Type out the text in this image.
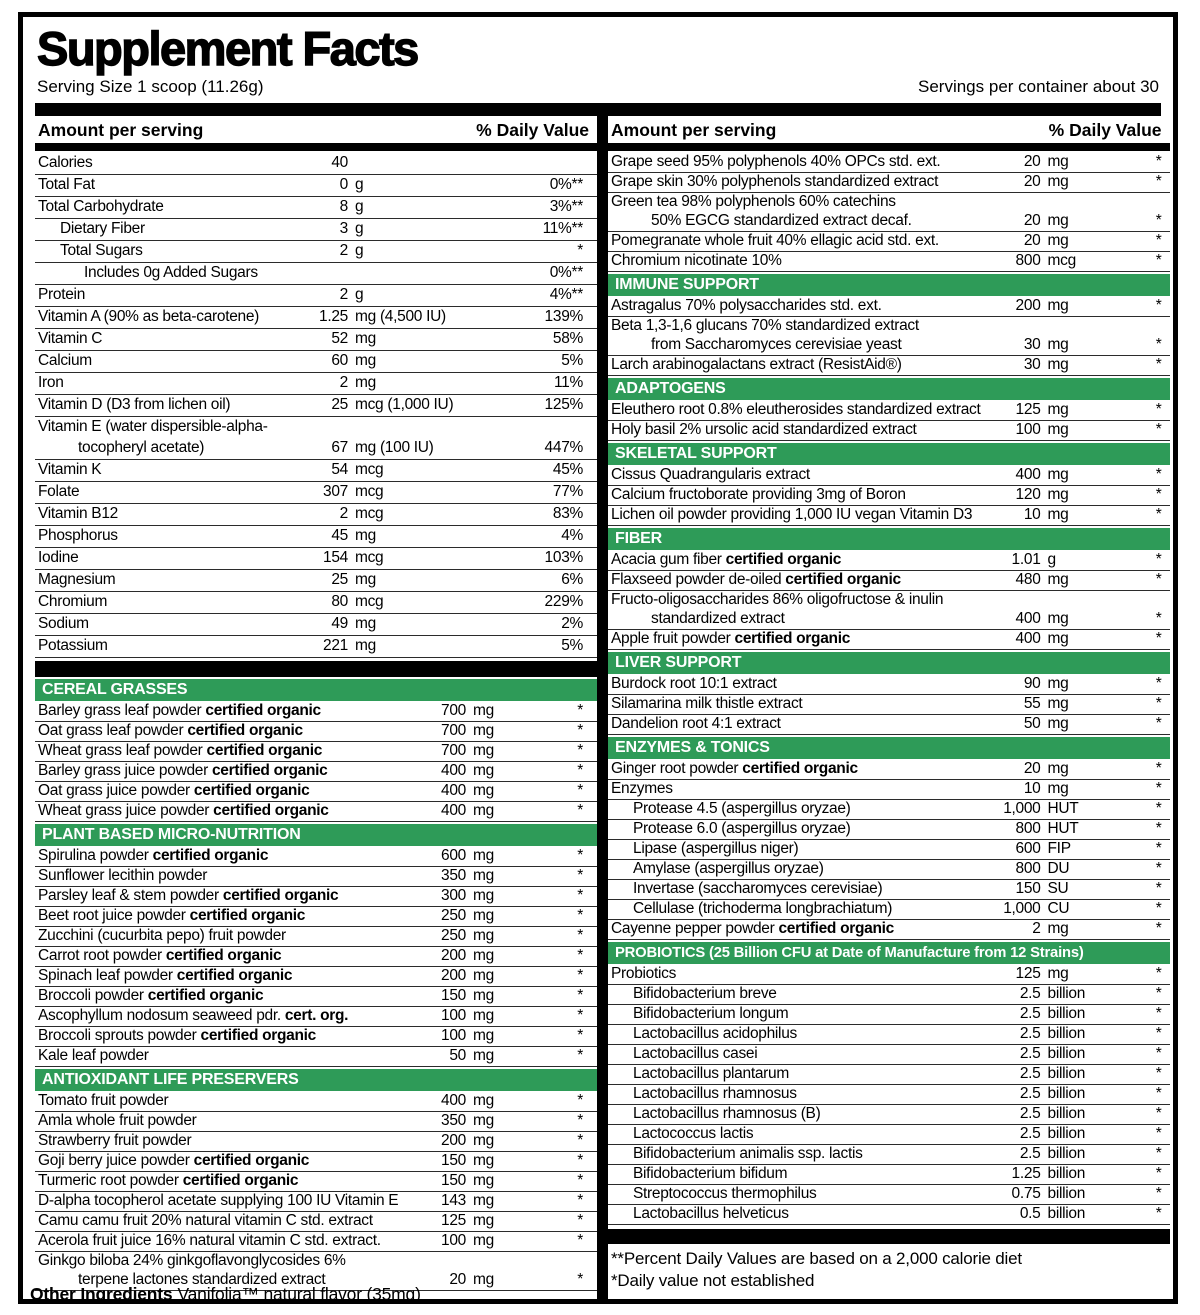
Supplement Facts
Serving Size 1 scoop (11.26g)	Servings per container about 30
Amount per serving	% Daily Value
Calories	40
Total Fat	0 g	0%**
Total Carbohydrate	8 g	3%**
Dietary Fiber	3 g	11%**
Total Sugars	2 g	*
Includes 0g Added Sugars	0%**
Protein	2 g	4%**
Vitamin A (90% as beta-carotene)	1.25 mg (4,500 IU)	139%
Vitamin C	52 mg	58%
Calcium	60 mg	5%
Iron	2 mg	11%
Vitamin D (D3 from lichen oil)	25 mcg (1,000 IU)	125%
Vitamin E (water dispersible-alpha-
tocopheryl acetate)	67 mg (100 IU)	447%
Vitamin K	54 mcg	45%
Folate	307 mcg	77%
Vitamin B12	2 mcg	83%
Phosphorus	45 mg	4%
Iodine	154 mcg	103%
Magnesium	25 mg	6%
Chromium	80 mcg	229%
Sodium	49 mg	2%
Potassium	221 mg	5%
CEREAL GRASSES
Barley grass leaf powder certified organic	700 mg	*
Oat grass leaf powder certified organic	700 mg	*
Wheat grass leaf powder certified organic	700 mg	*
Barley grass juice powder certified organic	400 mg	*
Oat grass juice powder certified organic	400 mg	*
Wheat grass juice powder certified organic	400 mg	*
PLANT BASED MICRO-NUTRITION
Spirulina powder certified organic	600 mg	*
Sunflower lecithin powder	350 mg	*
Parsley leaf & stem powder certified organic	300 mg	*
Beet root juice powder certified organic	250 mg	*
Zucchini (cucurbita pepo) fruit powder	250 mg	*
Carrot root powder certified organic	200 mg	*
Spinach leaf powder certified organic	200 mg	*
Broccoli powder certified organic	150 mg	*
Ascophyllum nodosum seaweed pdr. cert. org.	100 mg	*
Broccoli sprouts powder certified organic	100 mg	*
Kale leaf powder	50 mg	*
ANTIOXIDANT LIFE PRESERVERS
Tomato fruit powder	400 mg	*
Amla whole fruit powder	350 mg	*
Strawberry fruit powder	200 mg	*
Goji berry juice powder certified organic	150 mg	*
Turmeric root powder certified organic	150 mg	*
D-alpha tocopherol acetate supplying 100 IU Vitamin E	143 mg	*
Camu camu fruit 20% natural vitamin C std. extract	125 mg	*
Acerola fruit juice 16% natural vitamin C std. extract.	100 mg	*
Ginkgo biloba 24% ginkgoflavonglycosides 6%
terpene lactones standardized extract	20 mg	*
Amount per serving	% Daily Value
Grape seed 95% polyphenols 40% OPCs std. ext.	20 mg	*
Grape skin 30% polyphenols standardized extract	20 mg	*
Green tea 98% polyphenols 60% catechins
50% EGCG standardized extract decaf.	20 mg	*
Pomegranate whole fruit 40% ellagic acid std. ext.	20 mg	*
Chromium nicotinate 10%	800 mcg	*
IMMUNE SUPPORT
Astragalus 70% polysaccharides std. ext.	200 mg	*
Beta 1,3-1,6 glucans 70% standardized extract
from Saccharomyces cerevisiae yeast	30 mg	*
Larch arabinogalactans extract (ResistAid®)	30 mg	*
ADAPTOGENS
Eleuthero root 0.8% eleutherosides standardized extract	125 mg	*
Holy basil 2% ursolic acid standardized extract	100 mg	*
SKELETAL SUPPORT
Cissus Quadrangularis extract	400 mg	*
Calcium fructoborate providing 3mg of Boron	120 mg	*
Lichen oil powder providing 1,000 IU vegan Vitamin D3	10 mg	*
FIBER
Acacia gum fiber certified organic	1.01 g	*
Flaxseed powder de-oiled certified organic	480 mg	*
Fructo-oligosaccharides 86% oligofructose & inulin
standardized extract	400 mg	*
Apple fruit powder certified organic	400 mg	*
LIVER SUPPORT
Burdock root 10:1 extract	90 mg	*
Silamarina milk thistle extract	55 mg	*
Dandelion root 4:1 extract	50 mg	*
ENZYMES & TONICS
Ginger root powder certified organic	20 mg	*
Enzymes	10 mg	*
Protease 4.5 (aspergillus oryzae)	1,000 HUT	*
Protease 6.0 (aspergillus oryzae)	800 HUT	*
Lipase (aspergillus niger)	600 FIP	*
Amylase (aspergillus oryzae)	800 DU	*
Invertase (saccharomyces cerevisiae)	150 SU	*
Cellulase (trichoderma longbrachiatum)	1,000 CU	*
Cayenne pepper powder certified organic	2 mg	*
PROBIOTICS (25 Billion CFU at Date of Manufacture from 12 Strains)
Probiotics	125 mg	*
Bifidobacterium breve	2.5 billion	*
Bifidobacterium longum	2.5 billion	*
Lactobacillus acidophilus	2.5 billion	*
Lactobacillus casei	2.5 billion	*
Lactobacillus plantarum	2.5 billion	*
Lactobacillus rhamnosus	2.5 billion	*
Lactobacillus rhamnosus (B)	2.5 billion	*
Lactococcus lactis	2.5 billion	*
Bifidobacterium animalis ssp. lactis	2.5 billion	*
Bifidobacterium bifidum	1.25 billion	*
Streptococcus thermophilus	0.75 billion	*
Lactobacillus helveticus	0.5 billion	*
**Percent Daily Values are based on a 2,000 calorie diet
*Daily value not established
Other Ingredients Vanifolia™ natural flavor (35mg)
